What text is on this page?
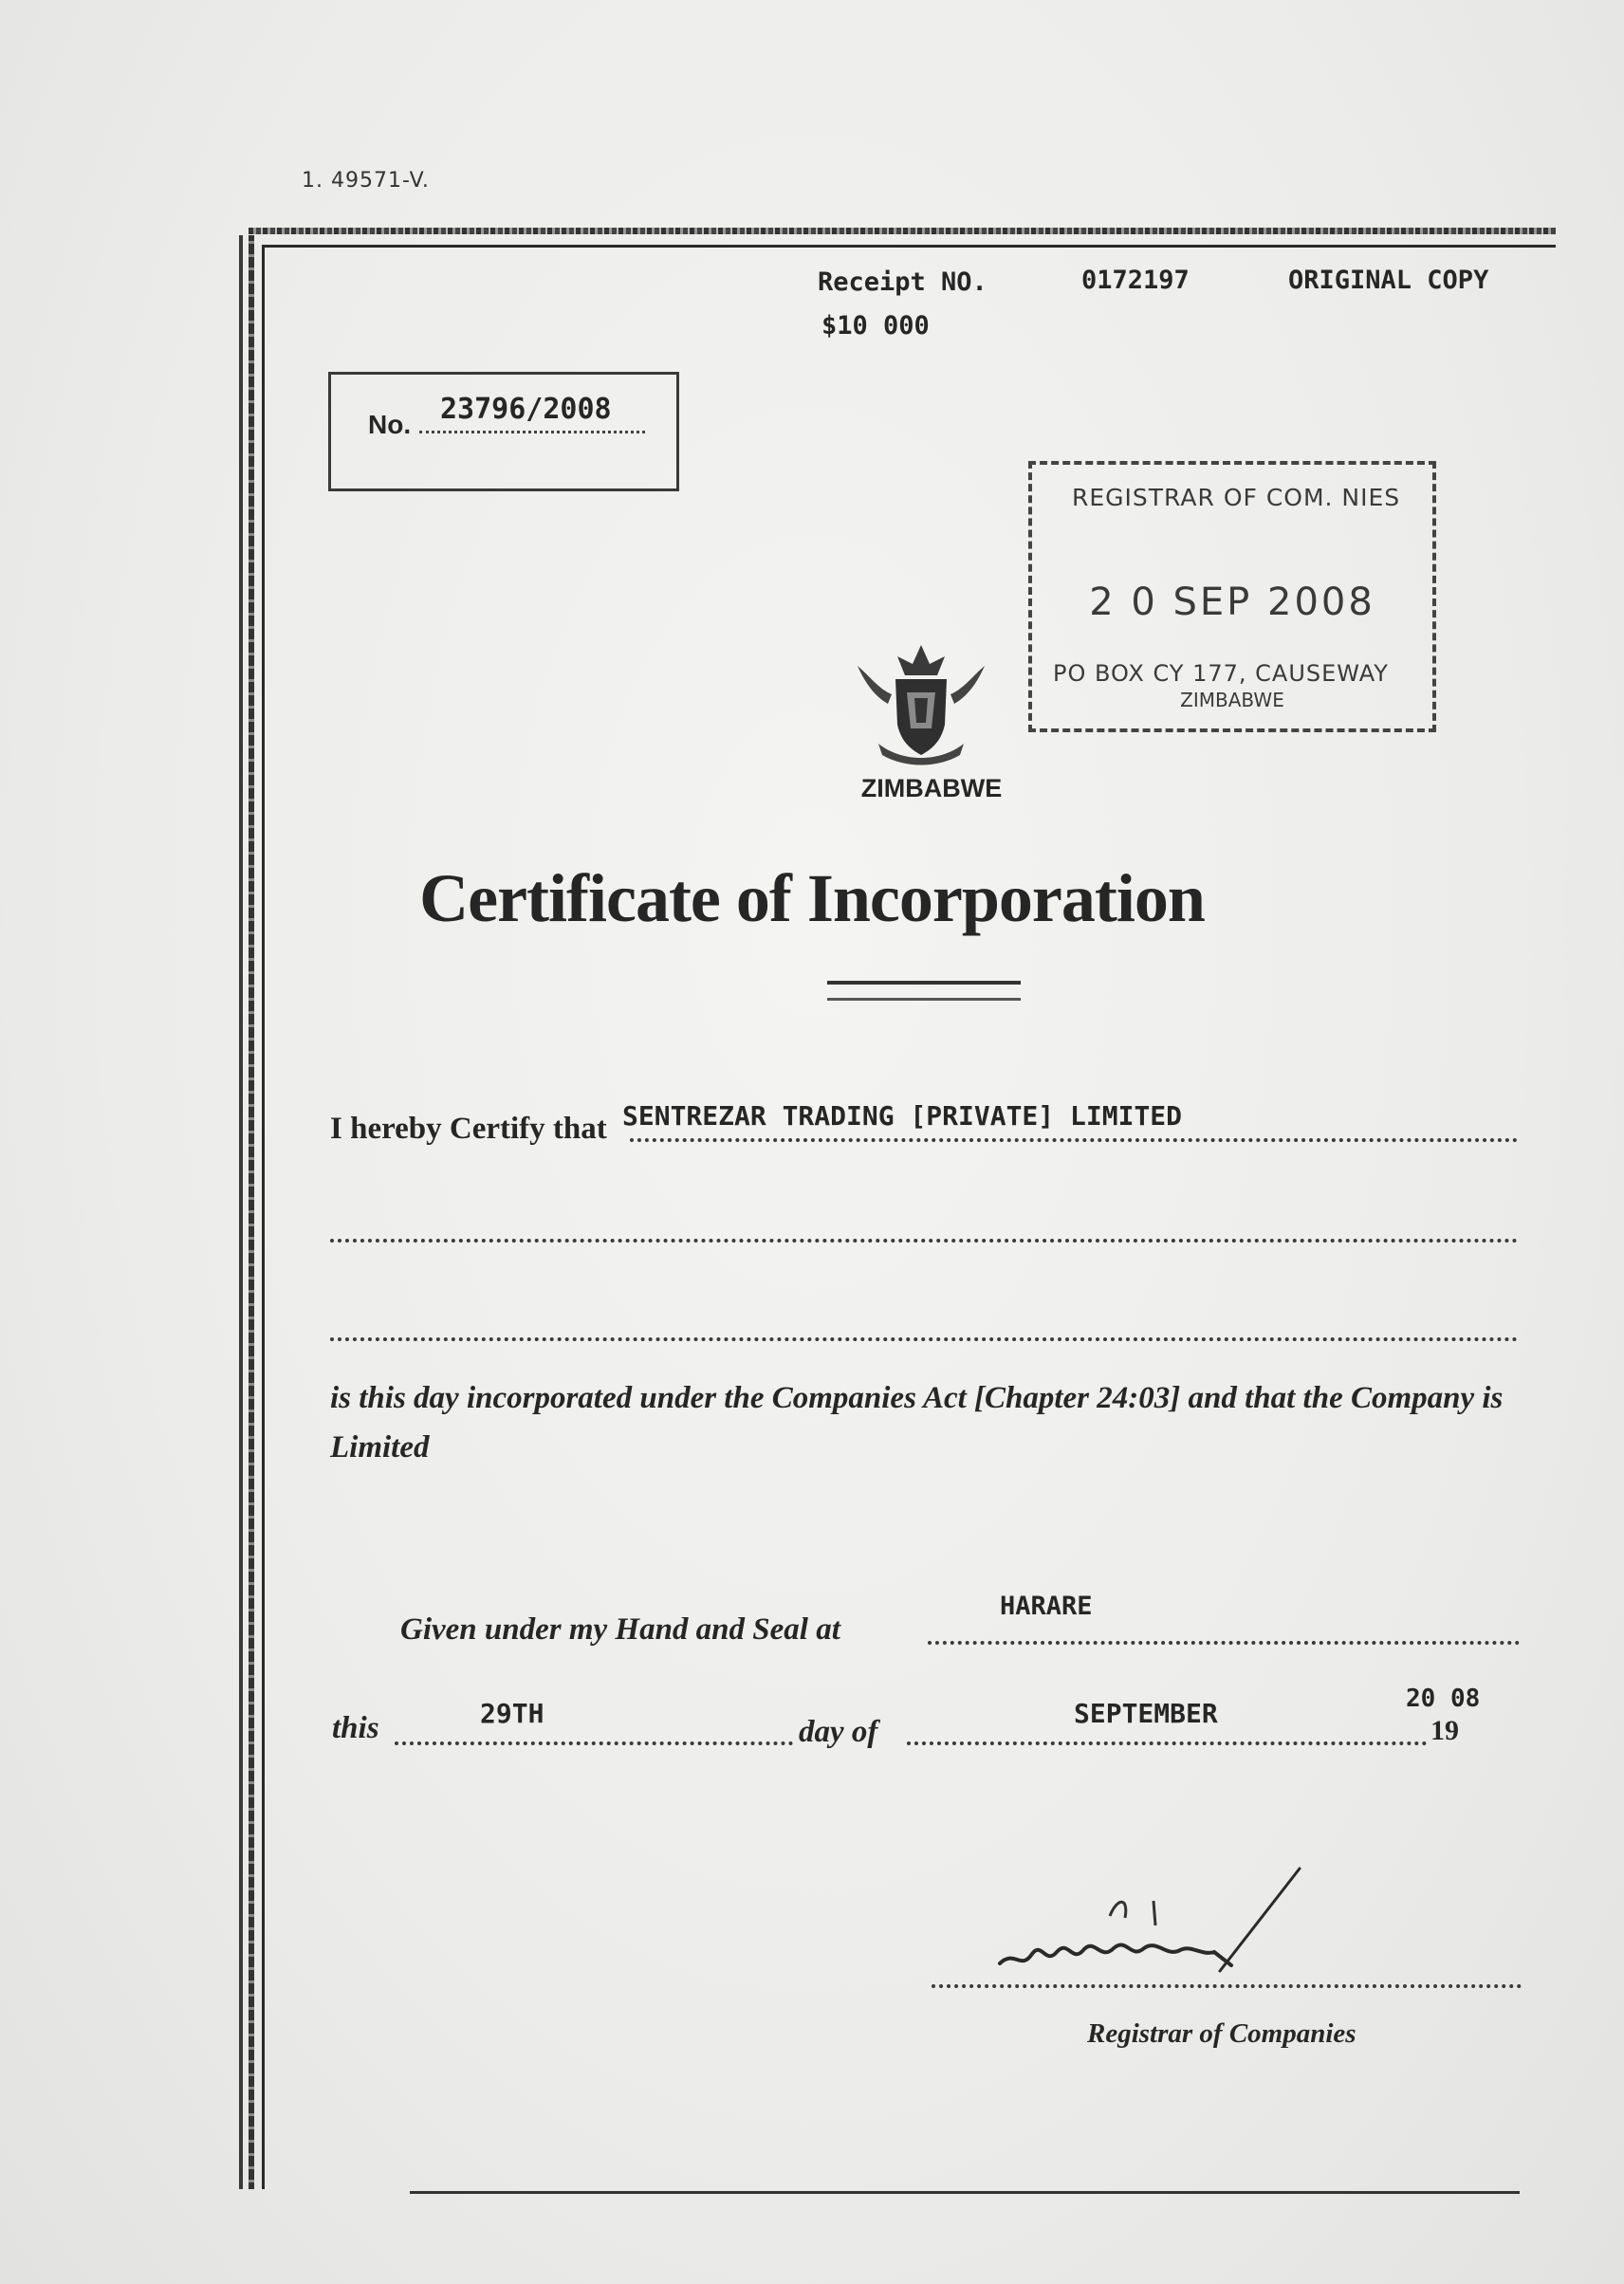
1. 49571-V.
Receipt NO.	0172197	ORIGINAL COPY
$10 000
No. 23796/2008
REGISTRAR OF COM. NIES
2 0 SEP 2008
PO BOX CY 177, CAUSEWAY
ZIMBABWE
ZIMBABWE
Certificate of Incorporation
I hereby Certify that SENTREZAR TRADING [PRIVATE] LIMITED
is this day incorporated under the Companies Act [Chapter 24:03] and that the Company is Limited
Given under my Hand and Seal at
HARARE
this	29TH
day of
SEPTEMBER
19
20 08
Registrar of Companies
